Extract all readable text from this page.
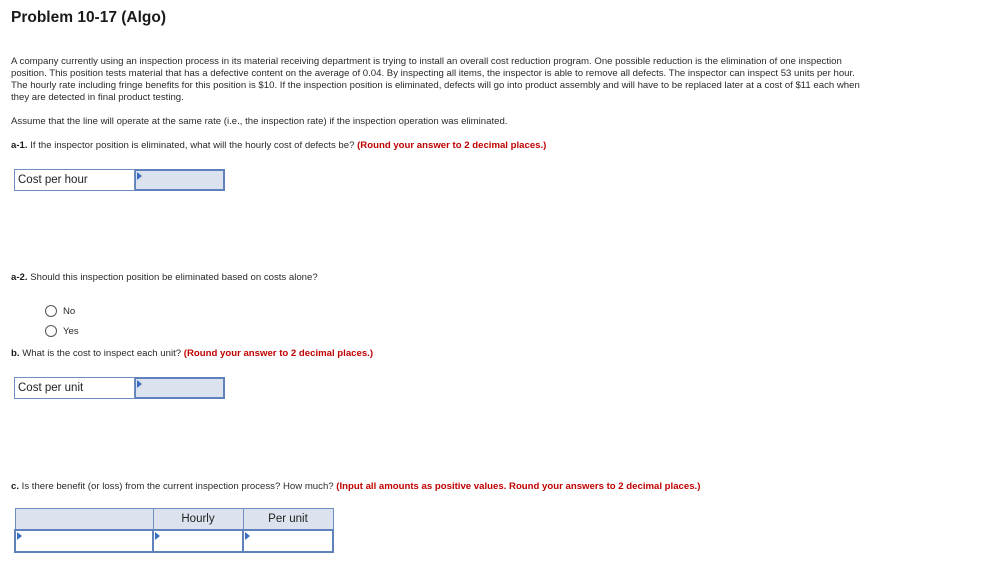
Problem 10-17 (Algo)

A company currently using an inspection process in its material receiving department is trying to install an overall cost reduction program. One possible reduction is the elimination of one inspection position. This position tests material that has a defective content on the average of 0.04. By inspecting all items, the inspector is able to remove all defects. The inspector can inspect 53 units per hour. The hourly rate including fringe benefits for this position is $10. If the inspection position is eliminated, defects will go into product assembly and will have to be replaced later at a cost of $11 each when they are detected in final product testing.

Assume that the line will operate at the same rate (i.e., the inspection rate) if the inspection operation was eliminated.

a-1. If the inspector position is eliminated, what will the hourly cost of defects be? (Round your answer to 2 decimal places.)

Cost per hour

a-2. Should this inspection position be eliminated based on costs alone?

No
Yes

b. What is the cost to inspect each unit? (Round your answer to 2 decimal places.)

Cost per unit

c. Is there benefit (or loss) from the current inspection process? How much? (Input all amounts as positive values. Round your answers to 2 decimal places.)

	Hourly	Per unit
